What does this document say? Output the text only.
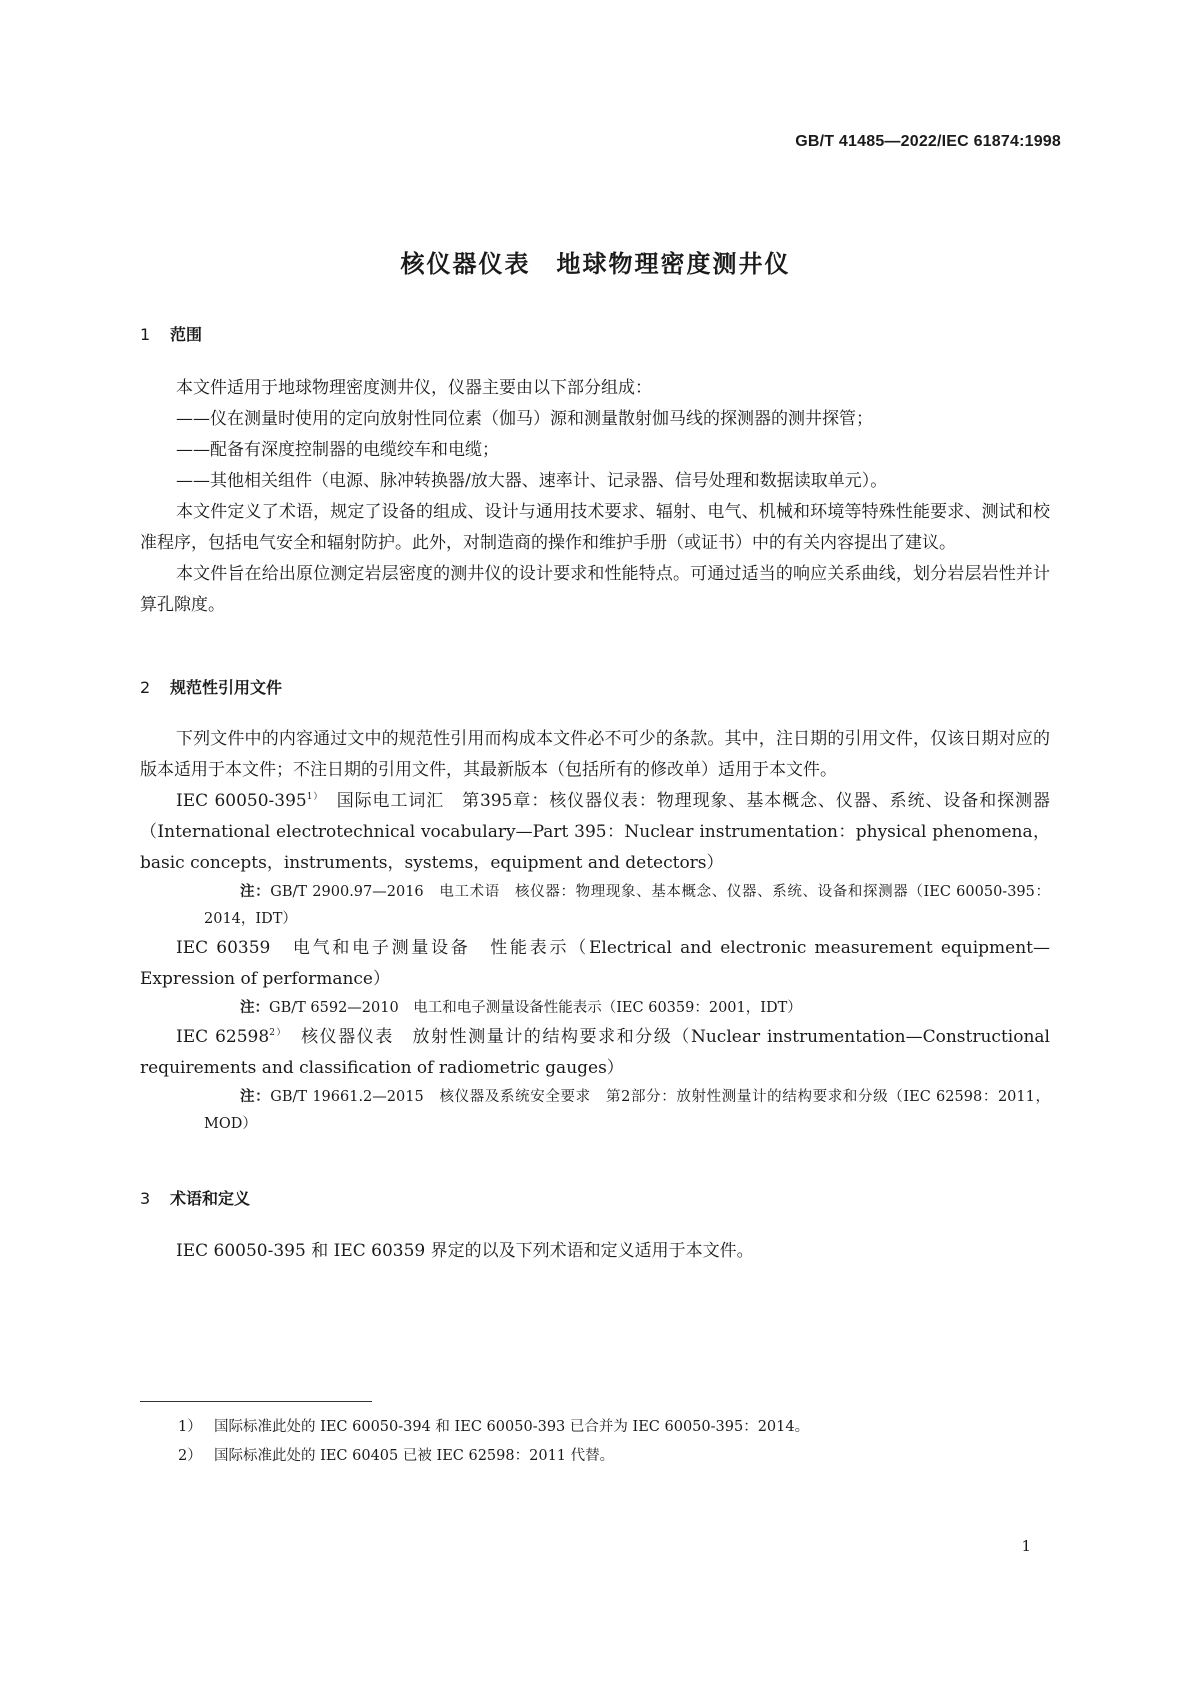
GB/T 41485—2022/IEC 61874:1998
核仪器仪表 地球物理密度测井仪
1 范围

本文件适用于地球物理密度测井仪，仪器主要由以下部分组成：

——仪在测量时使用的定向放射性同位素（伽马）源和测量散射伽马线的探测器的测井探管；

——配备有深度控制器的电缆绞车和电缆；

——其他相关组件（电源、脉冲转换器/放大器、速率计、记录器、信号处理和数据读取单元）。

本文件定义了术语，规定了设备的组成、设计与通用技术要求、辐射、电气、机械和环境等特殊性能要求、测试和校准程序，包括电气安全和辐射防护。此外，对制造商的操作和维护手册（或证书）中的有关内容提出了建议。

本文件旨在给出原位测定岩层密度的测井仪的设计要求和性能特点。可通过适当的响应关系曲线，划分岩层岩性并计算孔隙度。

2 规范性引用文件

下列文件中的内容通过文中的规范性引用而构成本文件必不可少的条款。其中，注日期的引用文件，仅该日期对应的版本适用于本文件；不注日期的引用文件，其最新版本（包括所有的修改单）适用于本文件。

IEC $60050-395^{1)}$　国际电工词汇　第395章：核仪器仪表：物理现象、基本概念、仪器、系统、设备和探测器（International electrotechnical vocabulary—Part 395：Nuclear instrumentation：physical phenomena，basic concepts，instruments，systems，equipment and detectors）

注：GB/T 2900.97—2016　电工术语　核仪器：物理现象、基本概念、仪器、系统、设备和探测器（IEC 60050-395：2014，IDT）

IEC 60359　电气和电子测量设备　性能表示（Electrical and electronic measurement equipment—Expression of performance）

注：GB/T 6592—2010　电工和电子测量设备性能表示（IEC 60359：2001，IDT）

IEC $62598^{2)}$　核仪器仪表　放射性测量计的结构要求和分级（Nuclear instrumentation—Constructional requirements and classification of radiometric gauges）

注：GB/T 19661.2—2015　核仪器及系统安全要求　第2部分：放射性测量计的结构要求和分级（IEC 62598：2011，MOD）

3 术语和定义

IEC 60050-395 和 IEC 60359 界定的以及下列术语和定义适用于本文件。

1） 国际标准此处的 IEC 60050-394 和 IEC 60050-393 已合并为 IEC 60050-395：2014。
2） 国际标准此处的 IEC 60405 已被 IEC 62598：2011 代替。
1
